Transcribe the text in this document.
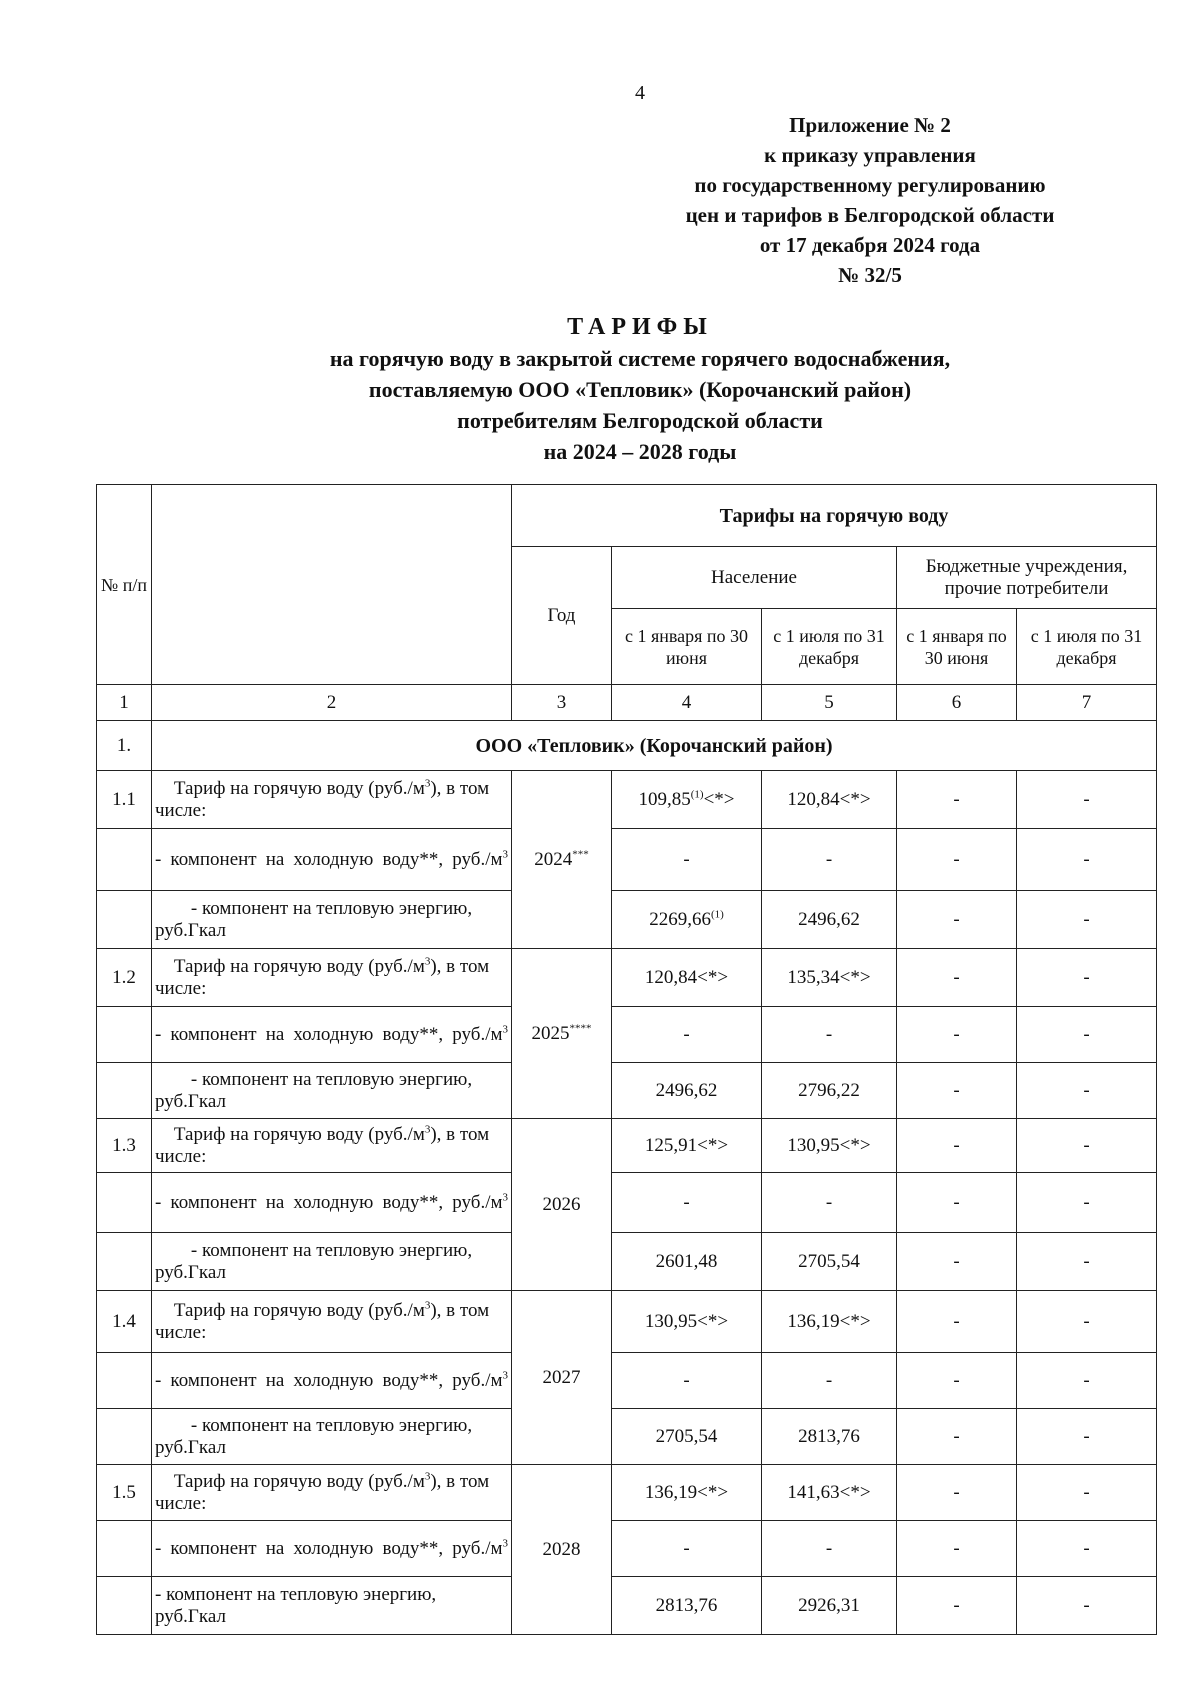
4
Приложение № 2
к приказу управления
по государственному регулированию
цен и тарифов в Белгородской области
от 17 декабря 2024 года
№ 32/5
ТАРИФЫ
на горячую воду в закрытой системе горячего водоснабжения,
поставляемую ООО «Тепловик» (Корочанский район)
потребителям Белгородской области
на 2024 – 2028 годы
№ п/п		Тарифы на горячую воду				
		Год	Население		Бюджетные учреждения, прочие потребители	
			с 1 января по 30 июня	с 1 июля по 31 декабря	с 1 января по 30 июня	с 1 июля по 31 декабря
1	2	3	4	5	6	7
1.	ООО «Тепловик» (Корочанский район)					
1.1	Тариф на горячую воду $(руб./м^3)$, в том числе:	2024***	$109,85^{(1)}<*>$	120,84<*>	-	-
	- компонент на холодную воду**, $руб./м^3$		-	-	-	-
	- компонент на тепловую энергию, руб.Гкал		2269,66$^{(1)}$	2496,62	-	-
1.2	Тариф на горячую воду $(руб./м^3)$, в том числе:	2025****	120,84<*>	135,34<*>	-	-
	- компонент на холодную воду**, $руб./м^3$		-	-	-	-
	- компонент на тепловую энергию, руб.Гкал		2496,62	2796,22	-	-
1.3	Тариф на горячую воду $(руб./м^3)$, в том числе:	2026	125,91<*>	130,95<*>	-	-
	- компонент на холодную воду**, $руб./м^3$		-	-	-	-
	- компонент на тепловую энергию, руб.Гкал		2601,48	2705,54	-	-
1.4	Тариф на горячую воду $(руб./м^3)$, в том числе:	2027	130,95<*>	136,19<*>	-	-
	- компонент на холодную воду**, $руб./м^3$		-	-	-	-
	- компонент на тепловую энергию, руб.Гкал		2705,54	2813,76	-	-
1.5	Тариф на горячую воду $(руб./м^3)$, в том числе:	2028	136,19<*>	141,63<*>	-	-
	- компонент на холодную воду**, $руб./м^3$		-	-	-	-
	- компонент на тепловую энергию, руб.Гкал		2813,76	2926,31	-	-
